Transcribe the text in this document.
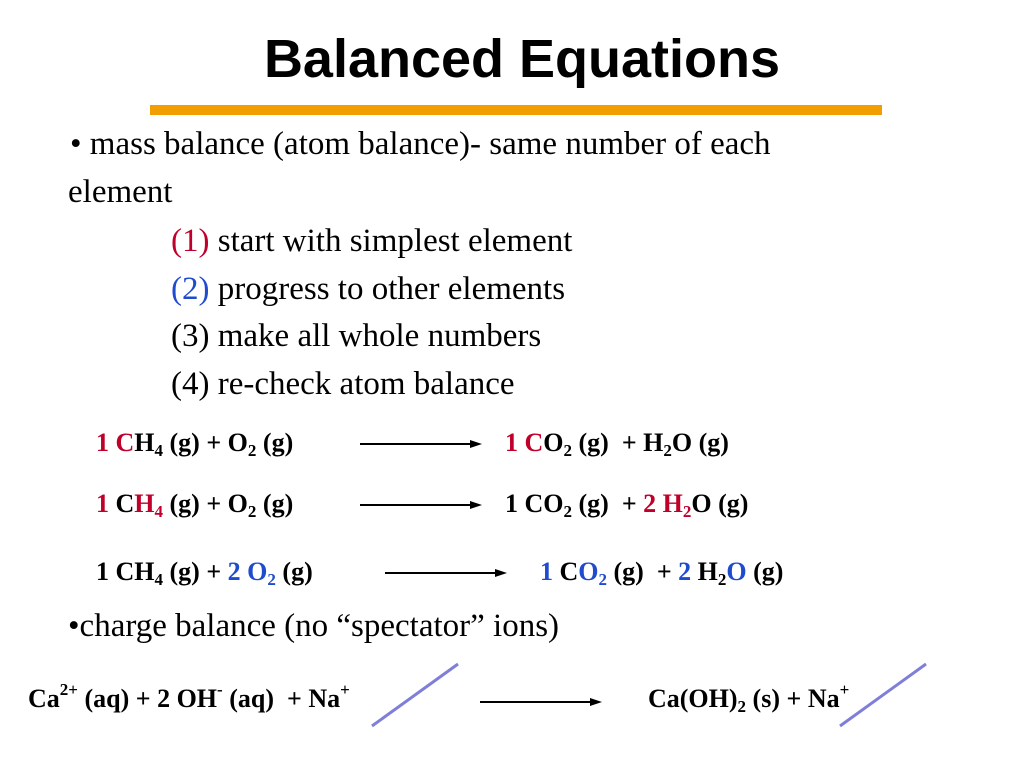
Balanced Equations
• mass balance (atom balance)- same number of each
element
(1) start with simplest element
(2) progress to other elements
(3) make all whole numbers
(4) re-check atom balance
1 $CH_4$ $(g) + O_2$ (g)	1 $CO_2$ $(g) + H_2O$ (g)
1 $CH_4$ $(g) + O_2$ (g)	1 $CO_2$ (g) + 2 $H_2O$ (g)
1 $CH_4$ (g) + 2 $O_2$ (g)	1 $CO_2$ (g) + 2 $H_2O$ (g)
•charge balance (no “spectator” ions)
$Ca^{2+}$ (aq) + 2 OH- (aq) + Na+	$Ca(OH)_2$ (s) + Na+
